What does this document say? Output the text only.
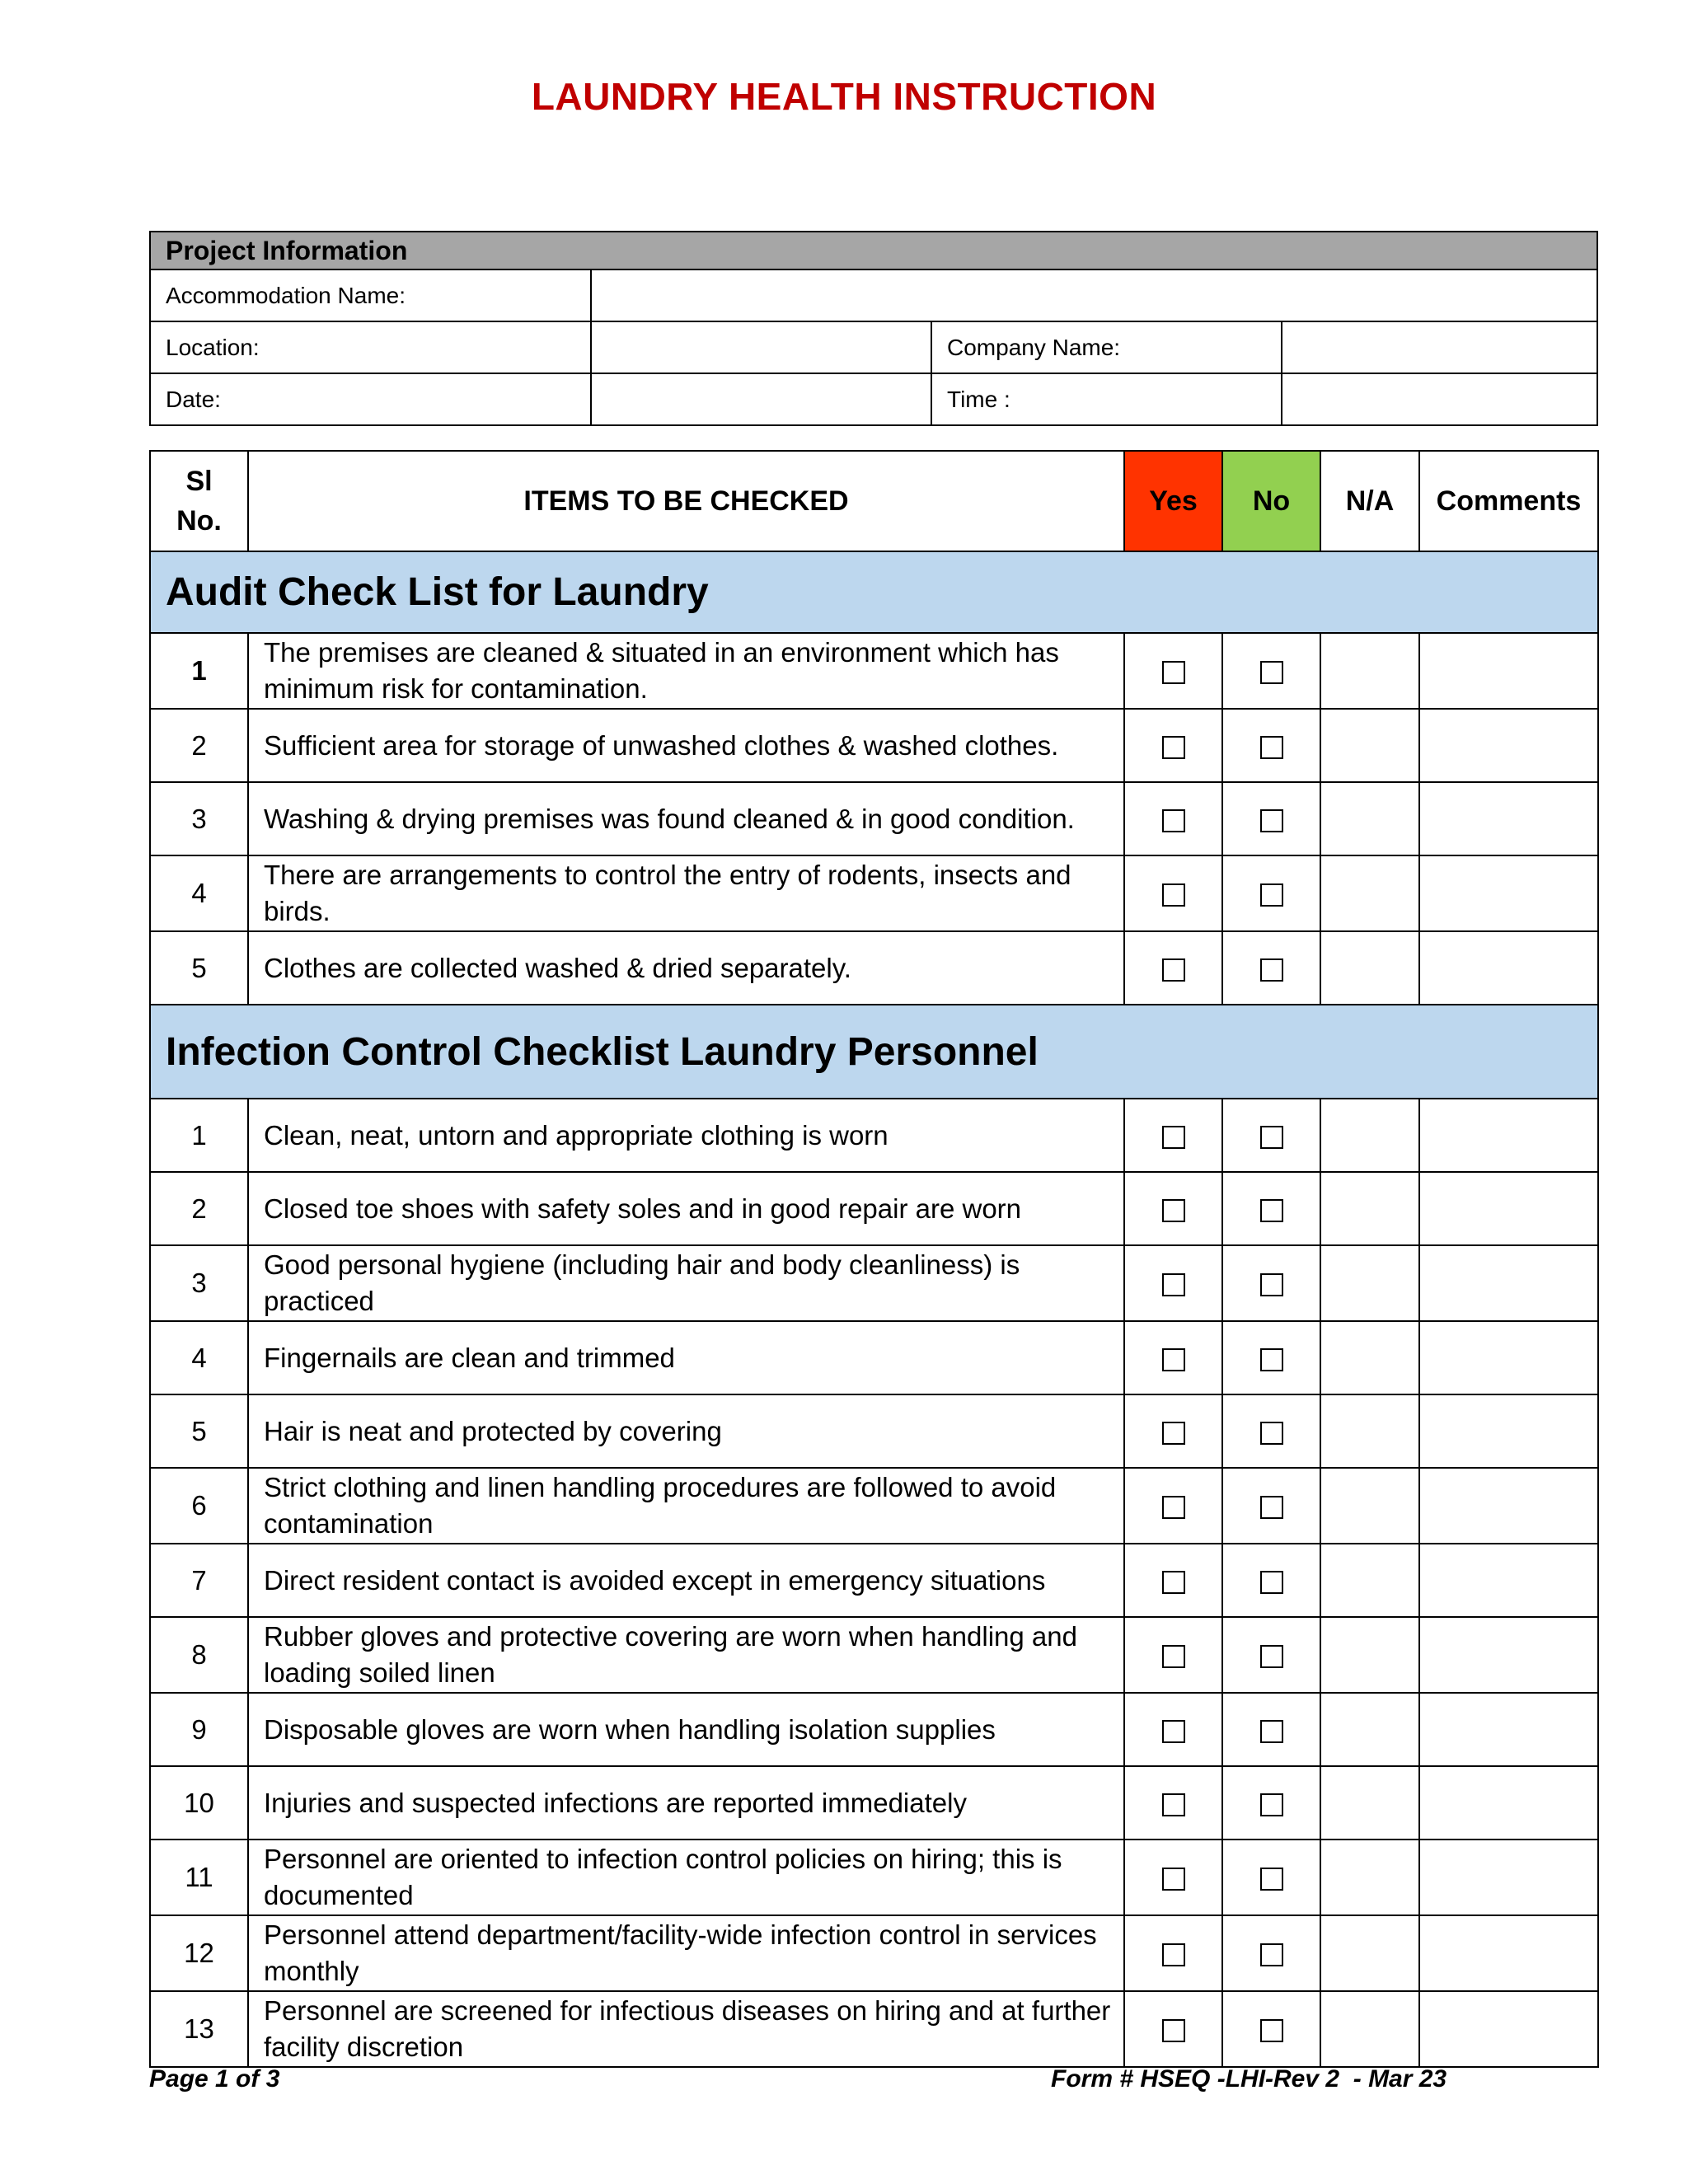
LAUNDRY HEALTH INSTRUCTION
Project Information			
Accommodation Name:			
Location:		Company Name:	
Date:		Time :	
Sl No.	ITEMS TO BE CHECKED	Yes	No	N/A	Comments
Audit Check List for Laundry					
1	The premises are cleaned & situated in an environment which has minimum risk for contamination.				
2	Sufficient area for storage of unwashed clothes & washed clothes.				
3	Washing & drying premises was found cleaned & in good condition.				
4	There are arrangements to control the entry of rodents, insects and birds.				
5	Clothes are collected washed & dried separately.				
Infection Control Checklist Laundry Personnel					
1	Clean, neat, untorn and appropriate clothing is worn				
2	Closed toe shoes with safety soles and in good repair are worn				
3	Good personal hygiene (including hair and body cleanliness) is practiced				
4	Fingernails are clean and trimmed				
5	Hair is neat and protected by covering				
6	Strict clothing and linen handling procedures are followed to avoid contamination				
7	Direct resident contact is avoided except in emergency situations				
8	Rubber gloves and protective covering are worn when handling and loading soiled linen				
9	Disposable gloves are worn when handling isolation supplies				
10	Injuries and suspected infections are reported immediately				
11	Personnel are oriented to infection control policies on hiring; this is documented				
12	Personnel attend department/facility-wide infection control in services monthly				
13	Personnel are screened for infectious diseases on hiring and at further facility discretion				
Page 1 of 3	Form # HSEQ -LHI-Rev 2  - Mar 23
